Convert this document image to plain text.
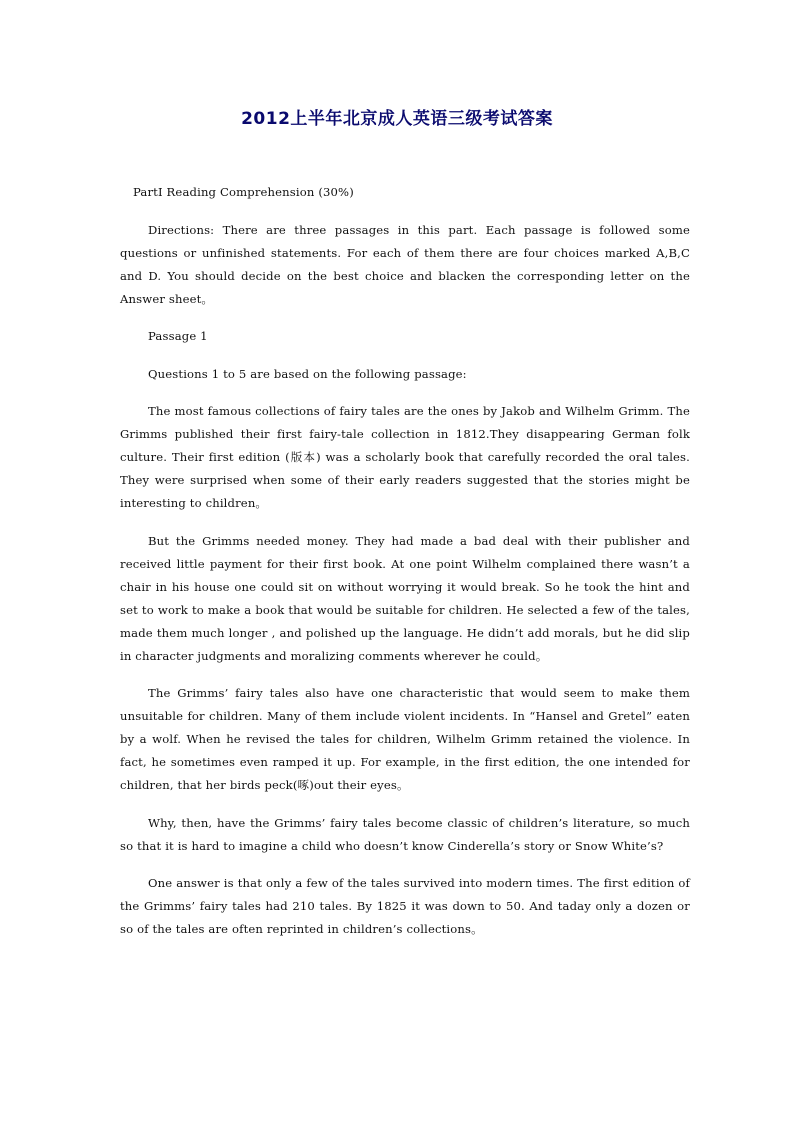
2012上半年北京成人英语三级考试答案

PartⅠ Reading Comprehension (30%)

Directions: There are three passages in this part. Each passage is followed some questions or unfinished statements. For each of them there are four choices marked A,B,C and D. You should decide on the best choice and blacken the corresponding letter on the Answer sheet。

Passage 1

Questions 1 to 5 are based on the following passage:

The most famous collections of fairy tales are the ones by Jakob and Wilhelm Grimm. The Grimms published their first fairy-tale collection in 1812.They disappearing German folk culture. Their first edition (版本) was a scholarly book that carefully recorded the oral tales. They were surprised when some of their early readers suggested that the stories might be interesting to children。

But the Grimms needed money. They had made a bad deal with their publisher and received little payment for their first book. At one point Wilhelm complained there wasn’t a chair in his house one could sit on without worrying it would break. So he took the hint and set to work to make a book that would be suitable for children. He selected a few of the tales, made them much longer , and polished up the language. He didn’t add morals, but he did slip in character judgments and moralizing comments wherever he could。

The Grimms’ fairy tales also have one characteristic that would seem to make them unsuitable for children. Many of them include violent incidents. In “Hansel and Gretel” eaten by a wolf. When he revised the tales for children, Wilhelm Grimm retained the violence. In fact, he sometimes even ramped it up. For example, in the first edition, the one intended for children, that her birds peck(啄)out their eyes。

Why, then, have the Grimms’ fairy tales become classic of children’s literature, so much so that it is hard to imagine a child who doesn’t know Cinderella’s story or Snow White’s?

One answer is that only a few of the tales survived into modern times. The first edition of the Grimms’ fairy tales had 210 tales. By 1825 it was down to 50. And taday only a dozen or so of the tales are often reprinted in children’s collections。
